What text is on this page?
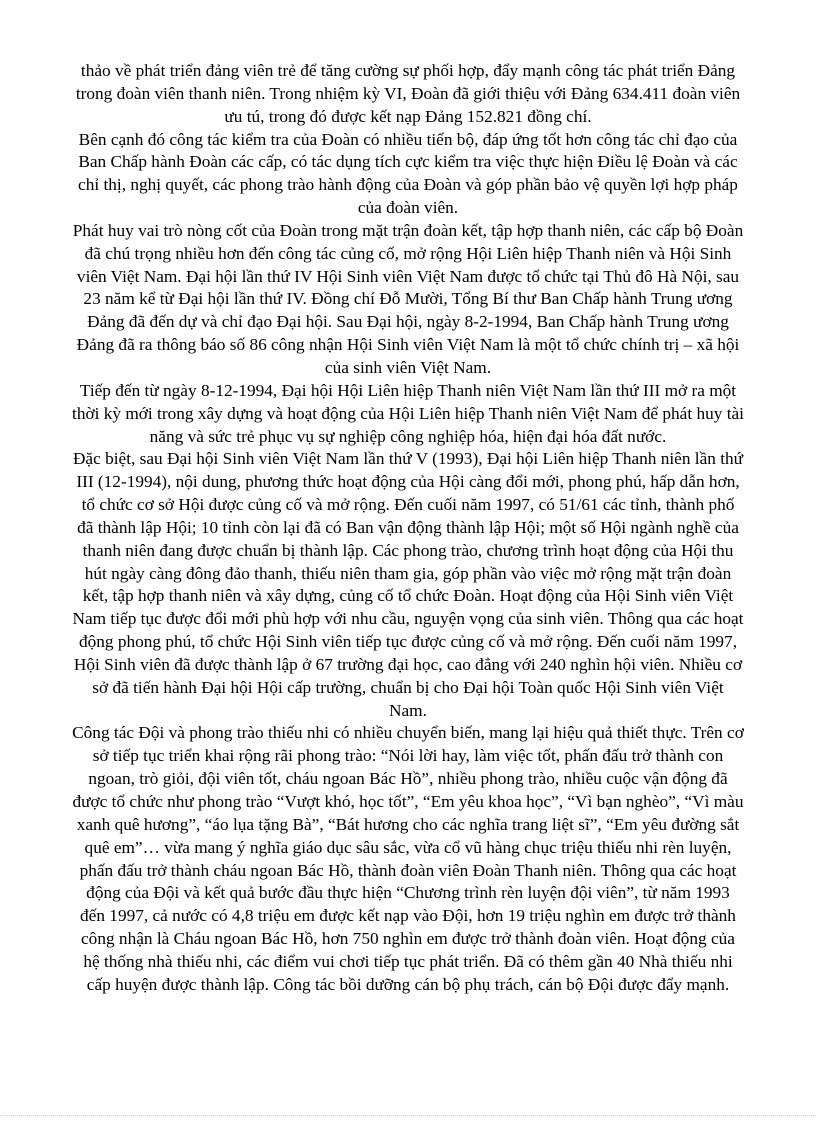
thảo về phát triển đảng viên trẻ để tăng cường sự phối hợp, đẩy mạnh công tác phát triển Đảng trong đoàn viên thanh niên. Trong nhiệm kỳ VI, Đoàn đã giới thiệu với Đảng 634.411 đoàn viên ưu tú, trong đó được kết nạp Đảng 152.821 đồng chí.

Bên cạnh đó công tác kiểm tra của Đoàn có nhiều tiến bộ, đáp ứng tốt hơn công tác chỉ đạo của Ban Chấp hành Đoàn các cấp, có tác dụng tích cực kiểm tra việc thực hiện Điều lệ Đoàn và các chỉ thị, nghị quyết, các phong trào hành động của Đoàn và góp phần bảo vệ quyền lợi hợp pháp của đoàn viên.

Phát huy vai trò nòng cốt của Đoàn trong mặt trận đoàn kết, tập hợp thanh niên, các cấp bộ Đoàn đã chú trọng nhiều hơn đến công tác củng cố, mở rộng Hội Liên hiệp Thanh niên và Hội Sinh viên Việt Nam. Đại hội lần thứ IV Hội Sinh viên Việt Nam được tổ chức tại Thủ đô Hà Nội, sau 23 năm kể từ Đại hội lần thứ IV. Đồng chí Đỗ Mười, Tổng Bí thư Ban Chấp hành Trung ương Đảng đã đến dự và chỉ đạo Đại hội. Sau Đại hội, ngày 8-2-1994, Ban Chấp hành Trung ương Đảng đã ra thông báo số 86 công nhận Hội Sinh viên Việt Nam là một tổ chức chính trị – xã hội của sinh viên Việt Nam.

Tiếp đến từ ngày 8-12-1994, Đại hội Hội Liên hiệp Thanh niên Việt Nam lần thứ III mở ra một thời kỳ mới trong xây dựng và hoạt động của Hội Liên hiệp Thanh niên Việt Nam để phát huy tài năng và sức trẻ phục vụ sự nghiệp công nghiệp hóa, hiện đại hóa đất nước.

Đặc biệt, sau Đại hội Sinh viên Việt Nam lần thứ V (1993), Đại hội Liên hiệp Thanh niên lần thứ III (12-1994), nội dung, phương thức hoạt động của Hội càng đổi mới, phong phú, hấp dẫn hơn, tổ chức cơ sở Hội được củng cố và mở rộng. Đến cuối năm 1997, có 51/61 các tỉnh, thành phố đã thành lập Hội; 10 tỉnh còn lại đã có Ban vận động thành lập Hội; một số Hội ngành nghề của thanh niên đang được chuẩn bị thành lập. Các phong trào, chương trình hoạt động của Hội thu hút ngày càng đông đảo thanh, thiếu niên tham gia, góp phần vào việc mở rộng mặt trận đoàn kết, tập hợp thanh niên và xây dựng, củng cố tổ chức Đoàn. Hoạt động của Hội Sinh viên Việt Nam tiếp tục được đổi mới phù hợp với nhu cầu, nguyện vọng của sinh viên. Thông qua các hoạt động phong phú, tổ chức Hội Sinh viên tiếp tục được củng cố và mở rộng. Đến cuối năm 1997, Hội Sinh viên đã được thành lập ở 67 trường đại học, cao đẳng với 240 nghìn hội viên. Nhiều cơ sở đã tiến hành Đại hội Hội cấp trường, chuẩn bị cho Đại hội Toàn quốc Hội Sinh viên Việt Nam.

Công tác Đội và phong trào thiếu nhi có nhiều chuyển biến, mang lại hiệu quả thiết thực. Trên cơ sở tiếp tục triển khai rộng rãi phong trào: “Nói lời hay, làm việc tốt, phấn đấu trở thành con ngoan, trò giỏi, đội viên tốt, cháu ngoan Bác Hồ”, nhiều phong trào, nhiều cuộc vận động đã được tổ chức như phong trào “Vượt khó, học tốt”, “Em yêu khoa học”, “Vì bạn nghèo”, “Vì màu xanh quê hương”, “áo lụa tặng Bà”, “Bát hương cho các nghĩa trang liệt sĩ”, “Em yêu đường sắt quê em”… vừa mang ý nghĩa giáo dục sâu sắc, vừa cổ vũ hàng chục triệu thiếu nhi rèn luyện, phấn đấu trở thành cháu ngoan Bác Hồ, thành đoàn viên Đoàn Thanh niên. Thông qua các hoạt động của Đội và kết quả bước đầu thực hiện “Chương trình rèn luyện đội viên”, từ năm 1993 đến 1997, cả nước có 4,8 triệu em được kết nạp vào Đội, hơn 19 triệu nghìn em được trở thành công nhận là Cháu ngoan Bác Hồ, hơn 750 nghìn em được trở thành đoàn viên. Hoạt động của hệ thống nhà thiếu nhi, các điểm vui chơi tiếp tục phát triển. Đã có thêm gần 40 Nhà thiếu nhi cấp huyện được thành lập. Công tác bồi dưỡng cán bộ phụ trách, cán bộ Đội được đẩy mạnh.
